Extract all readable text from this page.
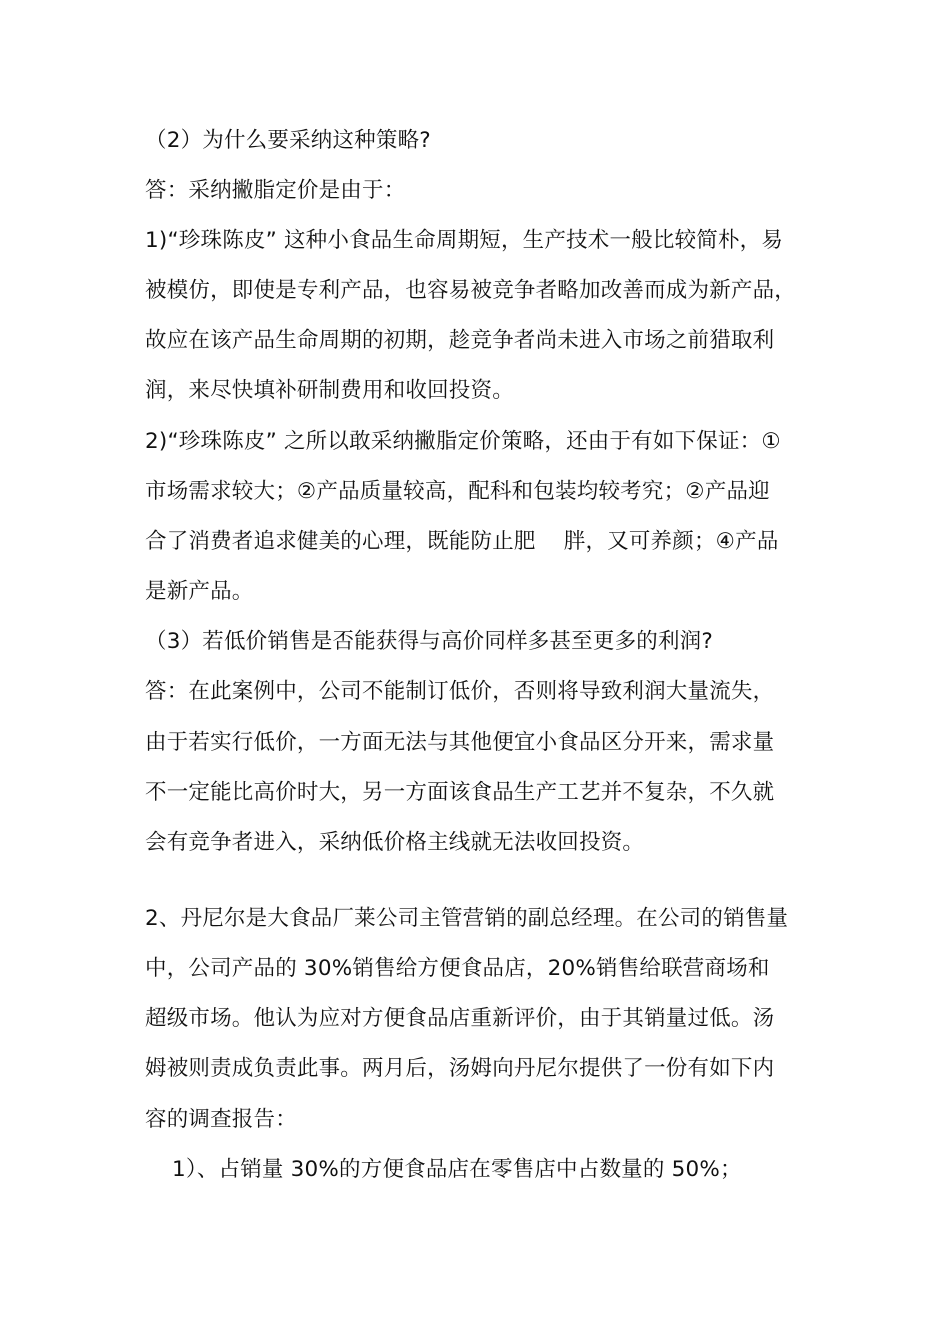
（2）为什么要采纳这种策略?
答：采纳撇脂定价是由于：
1)“珍珠陈皮” 这种小食品生命周期短，生产技术一般比较简朴，易
被模仿，即使是专利产品，也容易被竞争者略加改善而成为新产品，
故应在该产品生命周期的初期，趁竞争者尚未进入市场之前猎取利
润，来尽快填补研制费用和收回投资。
2)“珍珠陈皮” 之所以敢采纳撇脂定价策略，还由于有如下保证：①
市场需求较大；②产品质量较高，配科和包装均较考究；②产品迎
合了消费者追求健美的心理，既能防止肥    胖，又可养颜；④产品
是新产品。
（3）若低价销售是否能获得与高价同样多甚至更多的利润?
答：在此案例中，公司不能制订低价，否则将导致利润大量流失，
由于若实行低价，一方面无法与其他便宜小食品区分开来，需求量
不一定能比高价时大，另一方面该食品生产工艺并不复杂，不久就
会有竞争者进入，采纳低价格主线就无法收回投资。
2、丹尼尔是大食品厂莱公司主管营销的副总经理。在公司的销售量
中，公司产品的 30%销售给方便食品店，20%销售给联营商场和
超级市场。他认为应对方便食品店重新评价，由于其销量过低。汤
姆被则责成负责此事。两月后，汤姆向丹尼尔提供了一份有如下内
容的调查报告：
1）、占销量 30%的方便食品店在零售店中占数量的 50%；
